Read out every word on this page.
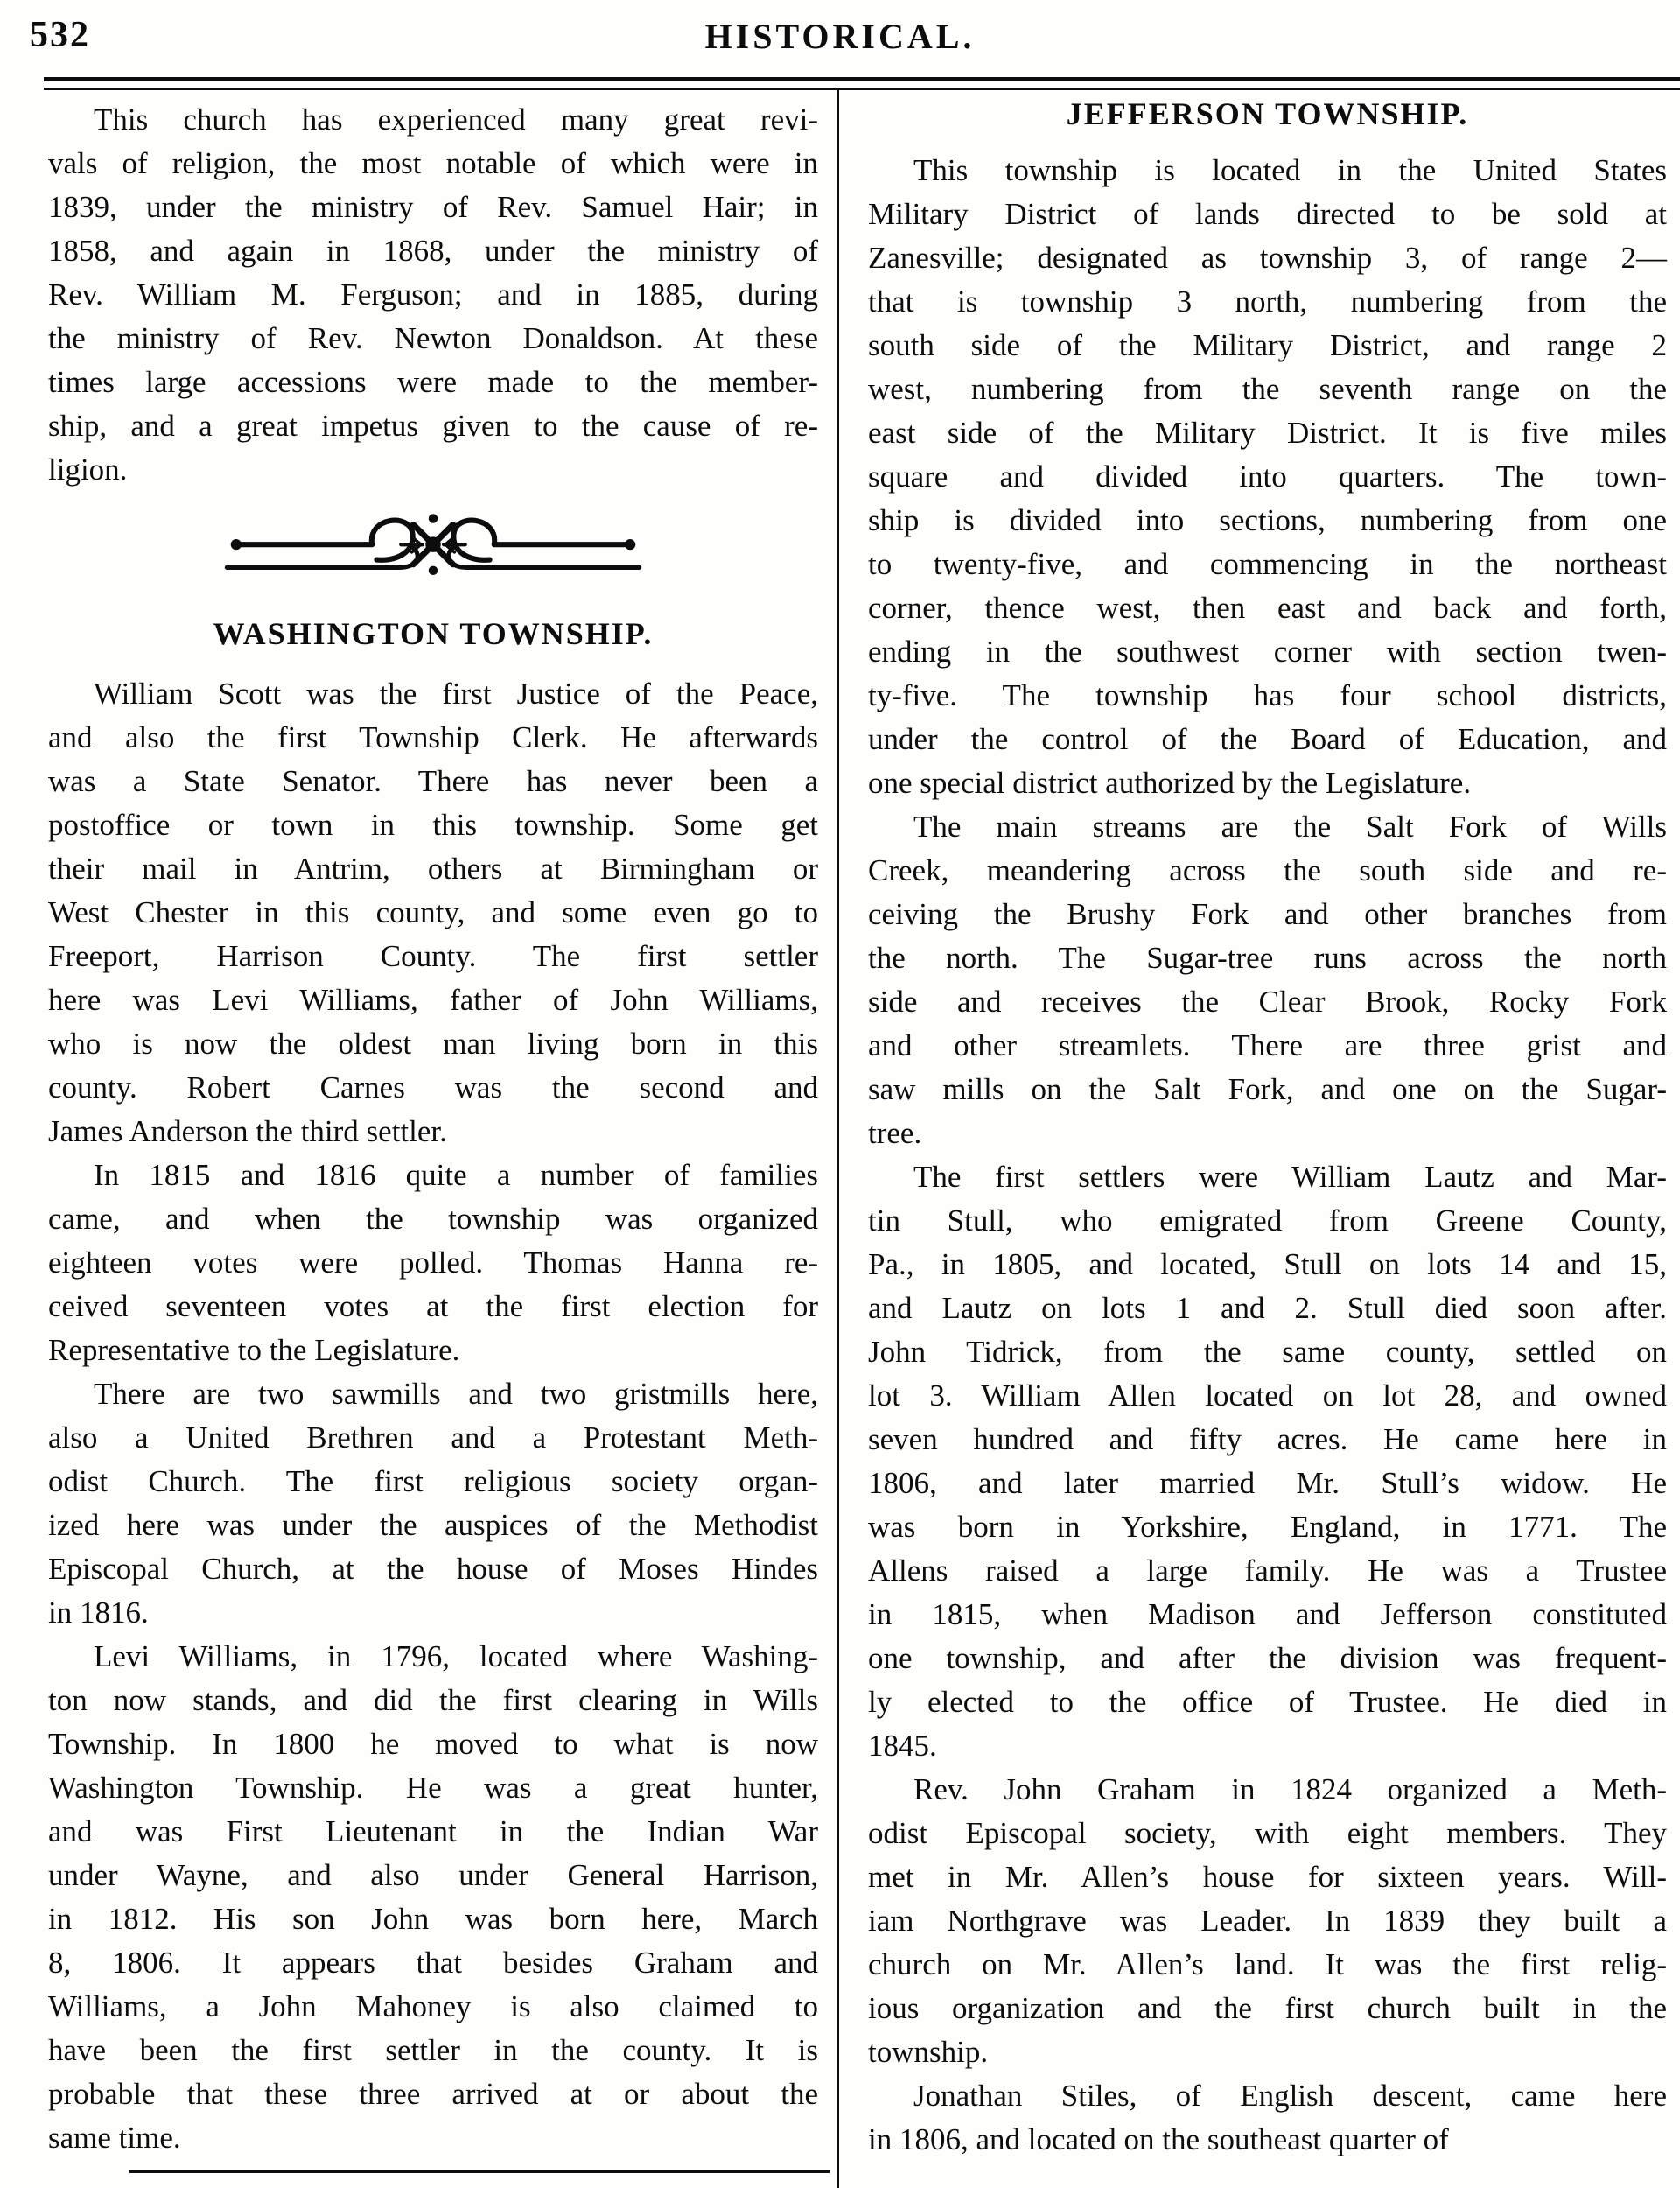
532	HISTORICAL.
This church has experienced many great revi-
vals of religion, the most notable of which were in
1839, under the ministry of Rev. Samuel Hair; in
1858, and again in 1868, under the ministry of
Rev. William M. Ferguson; and in 1885, during
the ministry of Rev. Newton Donaldson. At these
times large accessions were made to the member-
ship, and a great impetus given to the cause of re-
ligion.
WASHINGTON TOWNSHIP.
William Scott was the first Justice of the Peace,
and also the first Township Clerk. He afterwards
was a State Senator. There has never been a
postoffice or town in this township. Some get
their mail in Antrim, others at Birmingham or
West Chester in this county, and some even go to
Freeport, Harrison County. The first settler
here was Levi Williams, father of John Williams,
who is now the oldest man living born in this
county. Robert Carnes was the second and
James Anderson the third settler.
In 1815 and 1816 quite a number of families
came, and when the township was organized
eighteen votes were polled. Thomas Hanna re-
ceived seventeen votes at the first election for
Representative to the Legislature.
There are two sawmills and two gristmills here,
also a United Brethren and a Protestant Meth-
odist Church. The first religious society organ-
ized here was under the auspices of the Methodist
Episcopal Church, at the house of Moses Hindes
in 1816.
Levi Williams, in 1796, located where Washing-
ton now stands, and did the first clearing in Wills
Township. In 1800 he moved to what is now
Washington Township. He was a great hunter,
and was First Lieutenant in the Indian War
under Wayne, and also under General Harrison,
in 1812. His son John was born here, March
8, 1806. It appears that besides Graham and
Williams, a John Mahoney is also claimed to
have been the first settler in the county. It is
probable that these three arrived at or about the
same time.
JEFFERSON TOWNSHIP.
This township is located in the United States
Military District of lands directed to be sold at
Zanesville; designated as township 3, of range 2—
that is township 3 north, numbering from the
south side of the Military District, and range 2
west, numbering from the seventh range on the
east side of the Military District. It is five miles
square and divided into quarters. The town-
ship is divided into sections, numbering from one
to twenty-five, and commencing in the northeast
corner, thence west, then east and back and forth,
ending in the southwest corner with section twen-
ty-five. The township has four school districts,
under the control of the Board of Education, and
one special district authorized by the Legislature.
The main streams are the Salt Fork of Wills
Creek, meandering across the south side and re-
ceiving the Brushy Fork and other branches from
the north. The Sugar-tree runs across the north
side and receives the Clear Brook, Rocky Fork
and other streamlets. There are three grist and
saw mills on the Salt Fork, and one on the Sugar-
tree.
The first settlers were William Lautz and Mar-
tin Stull, who emigrated from Greene County,
Pa., in 1805, and located, Stull on lots 14 and 15,
and Lautz on lots 1 and 2. Stull died soon after.
John Tidrick, from the same county, settled on
lot 3. William Allen located on lot 28, and owned
seven hundred and fifty acres. He came here in
1806, and later married Mr. Stull’s widow. He
was born in Yorkshire, England, in 1771. The
Allens raised a large family. He was a Trustee
in 1815, when Madison and Jefferson constituted
one township, and after the division was frequent-
ly elected to the office of Trustee. He died in
1845.
Rev. John Graham in 1824 organized a Meth-
odist Episcopal society, with eight members. They
met in Mr. Allen’s house for sixteen years. Will-
iam Northgrave was Leader. In 1839 they built a
church on Mr. Allen’s land. It was the first relig-
ious organization and the first church built in the
township.
Jonathan Stiles, of English descent, came here
in 1806, and located on the southeast quarter of
